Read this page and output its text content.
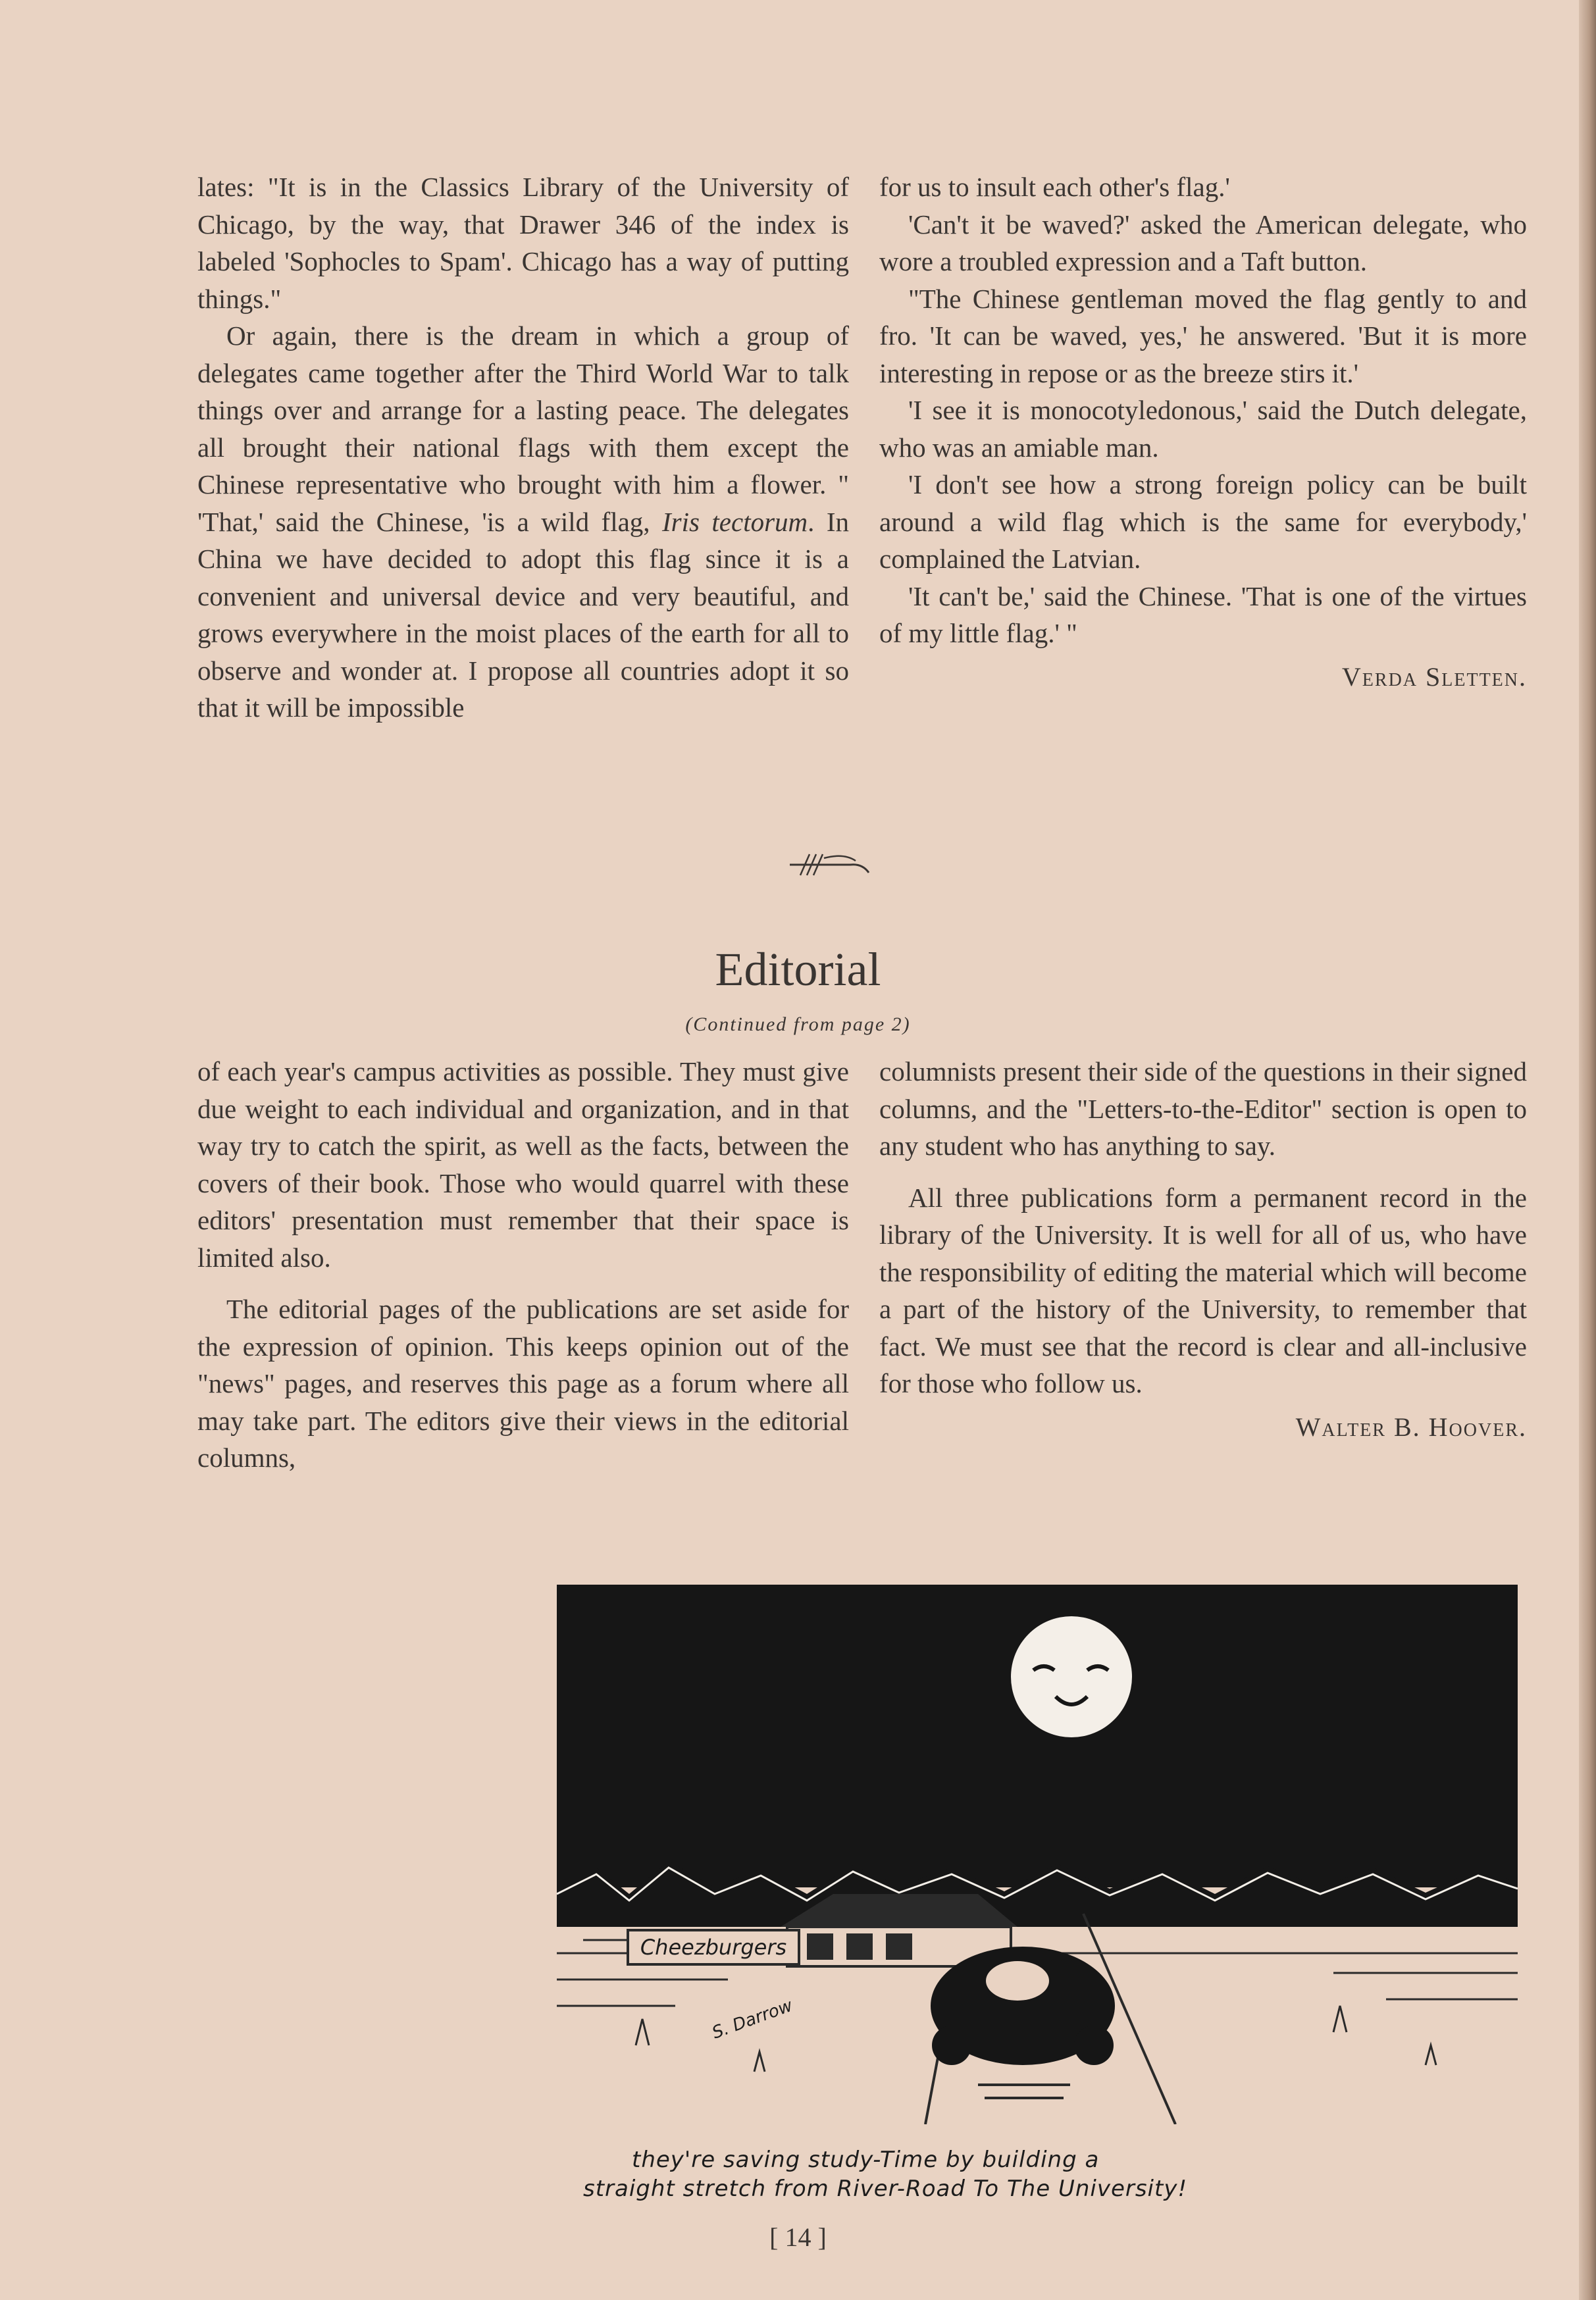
lates: "It is in the Classics Library of the University of Chicago, by the way, that Drawer 346 of the index is labeled 'Sophocles to Spam'. Chicago has a way of putting things."

Or again, there is the dream in which a group of delegates came together after the Third World War to talk things over and arrange for a lasting peace. The delegates all brought their national flags with them except the Chinese representative who brought with him a flower. " 'That,' said the Chinese, 'is a wild flag, Iris tectorum. In China we have decided to adopt this flag since it is a convenient and universal device and very beautiful, and grows everywhere in the moist places of the earth for all to observe and wonder at. I propose all countries adopt it so that it will be impossible

for us to insult each other's flag.'

'Can't it be waved?' asked the American delegate, who wore a troubled expression and a Taft button.

"The Chinese gentleman moved the flag gently to and fro. 'It can be waved, yes,' he answered. 'But it is more interesting in repose or as the breeze stirs it.'

'I see it is monocotyledonous,' said the Dutch delegate, who was an amiable man.

'I don't see how a strong foreign policy can be built around a wild flag which is the same for everybody,' complained the Latvian.

'It can't be,' said the Chinese. 'That is one of the virtues of my little flag.' "

Verda Sletten.

Editorial
(Continued from page 2)

of each year's campus activities as possible. They must give due weight to each individual and organization, and in that way try to catch the spirit, as well as the facts, between the covers of their book. Those who would quarrel with these editors' presentation must remember that their space is limited also.

The editorial pages of the publications are set aside for the expression of opinion. This keeps opinion out of the "news" pages, and reserves this page as a forum where all may take part. The editors give their views in the editorial columns,

columnists present their side of the questions in their signed columns, and the "Letters-to-the-Editor" section is open to any student who has anything to say.

All three publications form a permanent record in the library of the University. It is well for all of us, who have the responsibility of editing the material which will become a part of the history of the University, to remember that fact. We must see that the record is clear and all-inclusive for those who follow us.

Walter B. Hoover.

Cheezburgers
S. Darrow
they're saving study-Time by building a
straight stretch from River-Road To The University!
[ 14 ]
